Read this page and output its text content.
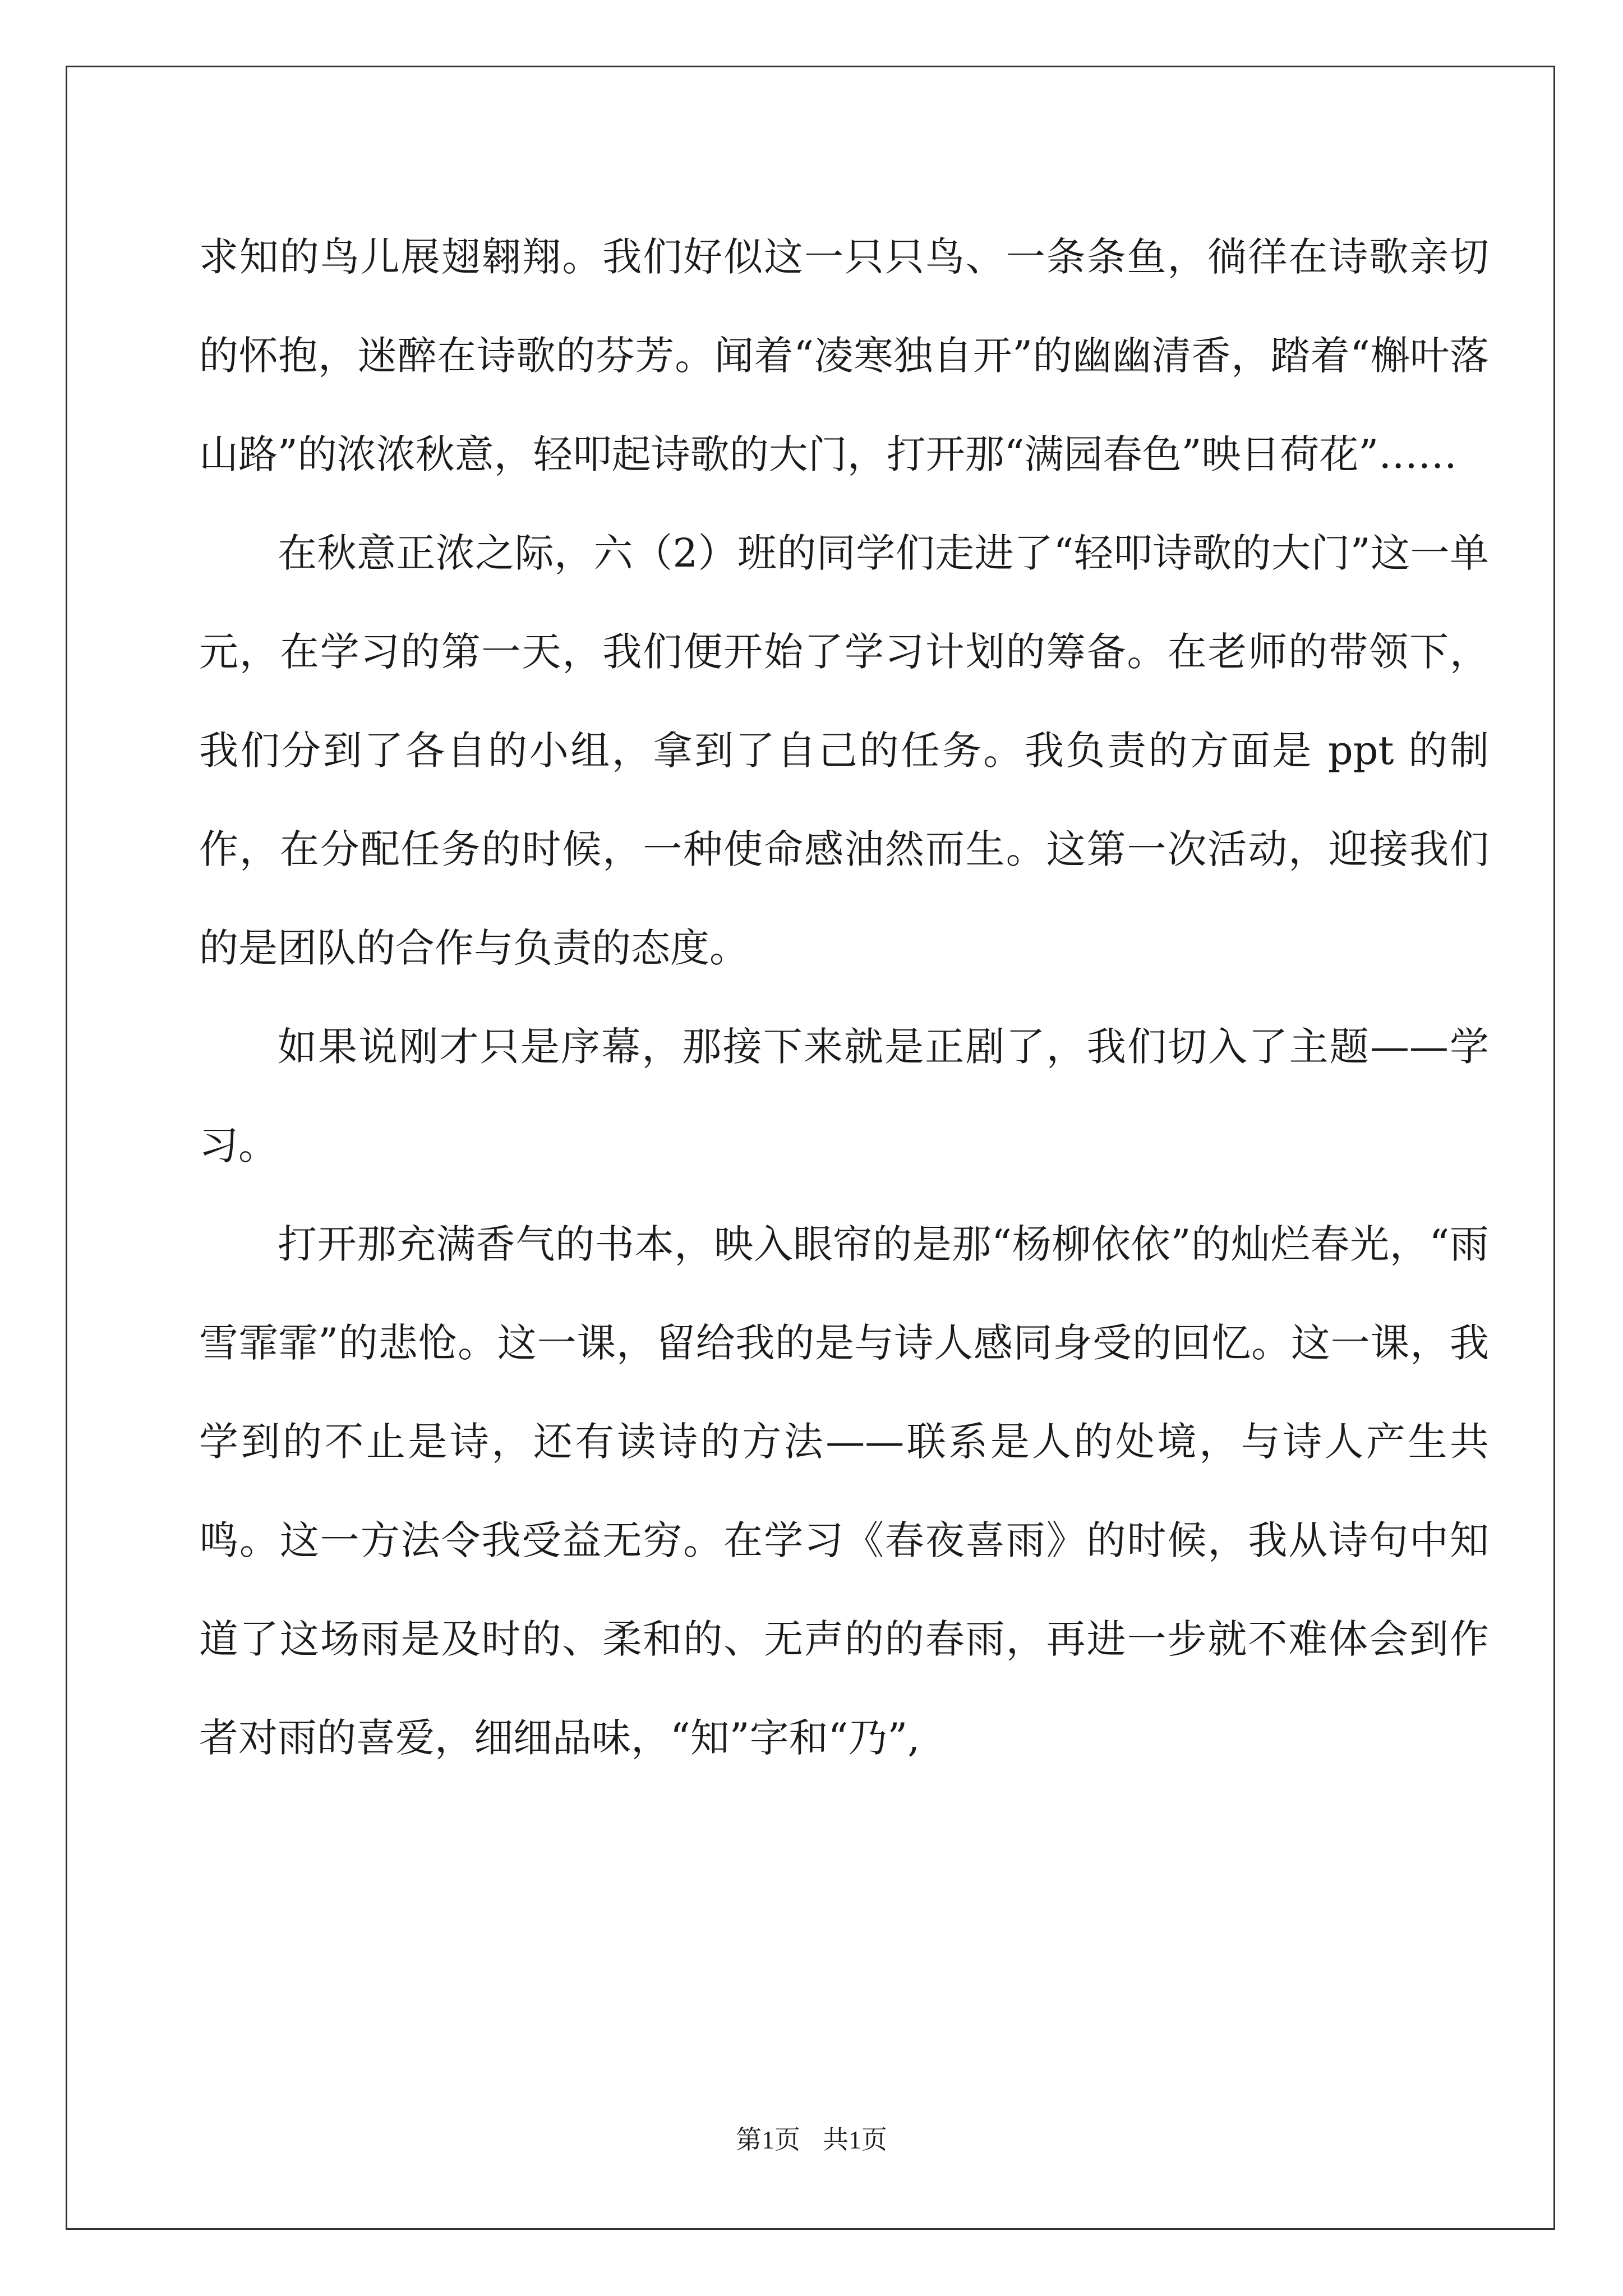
求知的鸟儿展翅翱翔。我们好似这一只只鸟、一条条鱼，徜徉在诗歌亲切的怀抱，迷醉在诗歌的芬芳。闻着“凌寒独自开”的幽幽清香，踏着“槲叶落山路”的浓浓秋意，轻叩起诗歌的大门，打开那“满园春色”映日荷花”……

在秋意正浓之际，六（2）班的同学们走进了“轻叩诗歌的大门”这一单元，在学习的第一天，我们便开始了学习计划的筹备。在老师的带领下，我们分到了各自的小组，拿到了自己的任务。我负责的方面是 ppt 的制作，在分配任务的时候，一种使命感油然而生。这第一次活动，迎接我们的是团队的合作与负责的态度。

如果说刚才只是序幕，那接下来就是正剧了，我们切入了主题——学习。

打开那充满香气的书本，映入眼帘的是那“杨柳依依”的灿烂春光，“雨雪霏霏”的悲怆。这一课，留给我的是与诗人感同身受的回忆。这一课，我学到的不止是诗，还有读诗的方法——联系是人的处境，与诗人产生共鸣。这一方法令我受益无穷。在学习《春夜喜雨》的时候，我从诗句中知道了这场雨是及时的、柔和的、无声的的春雨，再进一步就不难体会到作者对雨的喜爱，细细品味，“知”字和“乃”,

第1页 共1页
